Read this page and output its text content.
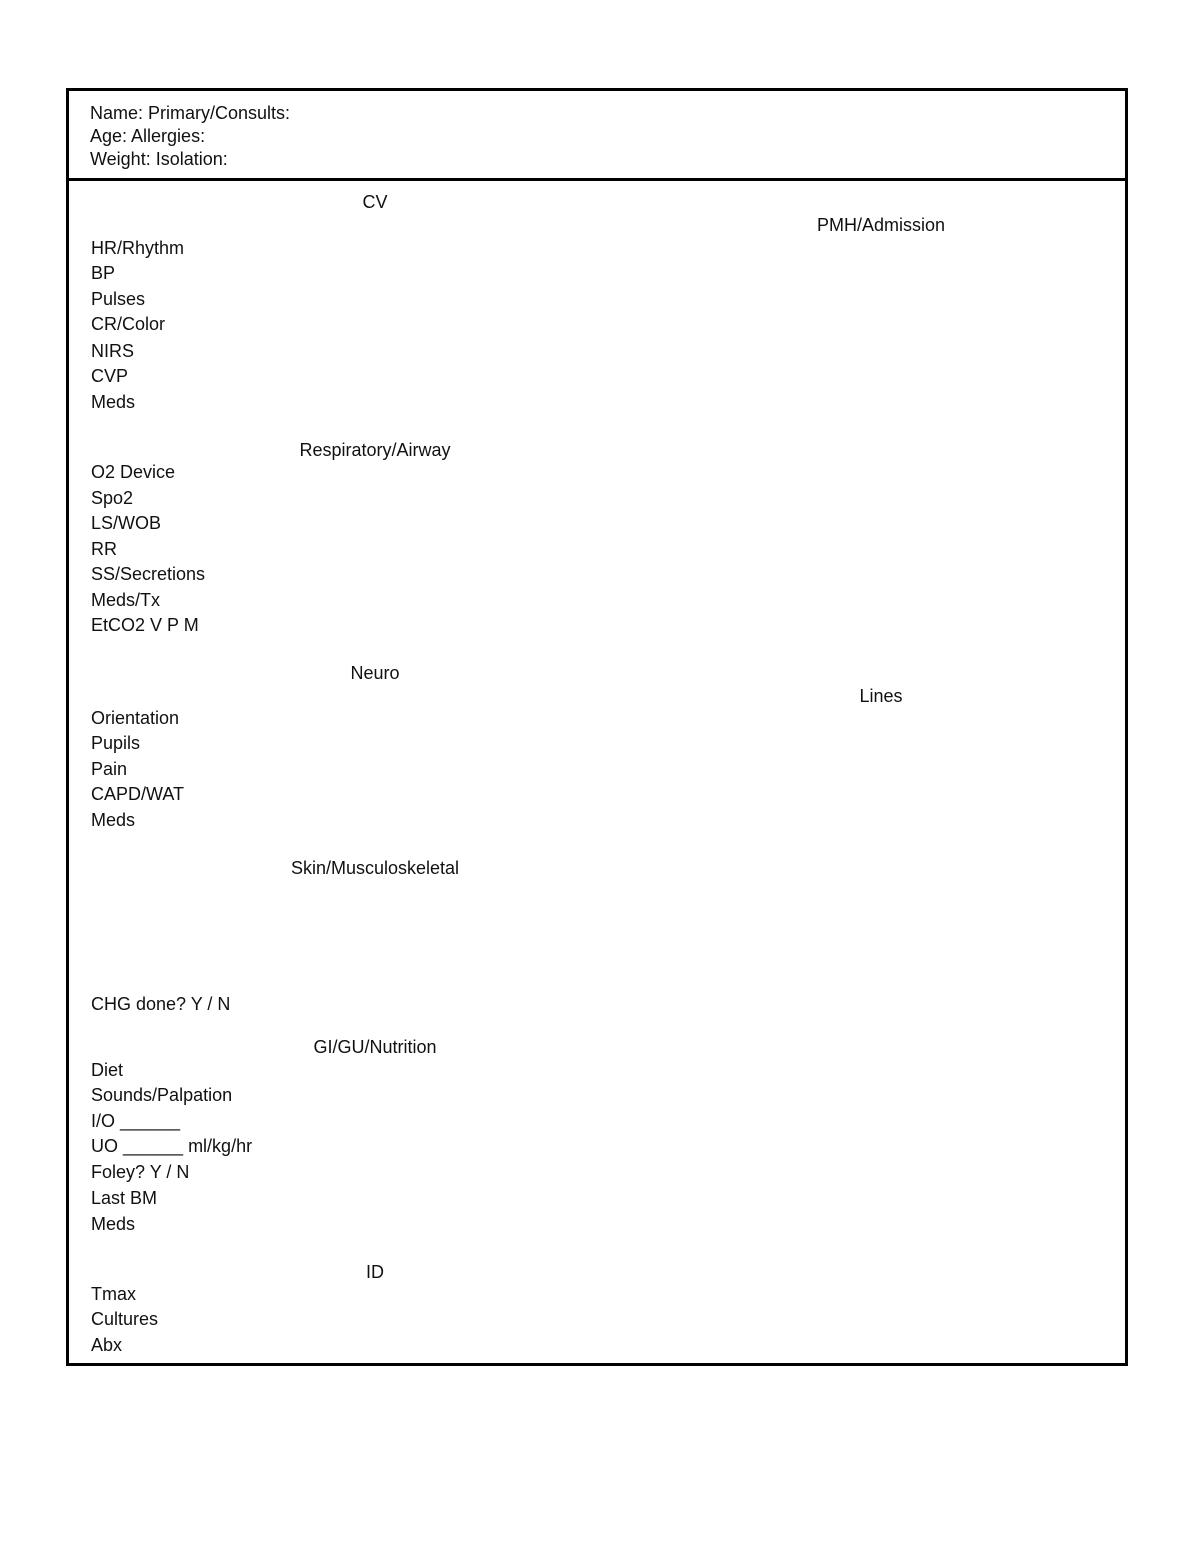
Name: Primary/Consults:
Age: Allergies:
Weight: Isolation:
PMH/Admission
Lines
CV
HR/Rhythm
BP
Pulses
CR/Color
NIRS
CVP
Meds
Respiratory/Airway
O2 Device
Spo2
LS/WOB
RR
SS/Secretions
Meds/Tx
EtCO2 V P M
Neuro
Orientation
Pupils
Pain
CAPD/WAT
Meds
Skin/Musculoskeletal
CHG done? Y / N
GI/GU/Nutrition
Diet
Sounds/Palpation
I/O ______
UO ______ ml/kg/hr
Foley? Y / N
Last BM
Meds
ID
Tmax
Cultures
Abx
